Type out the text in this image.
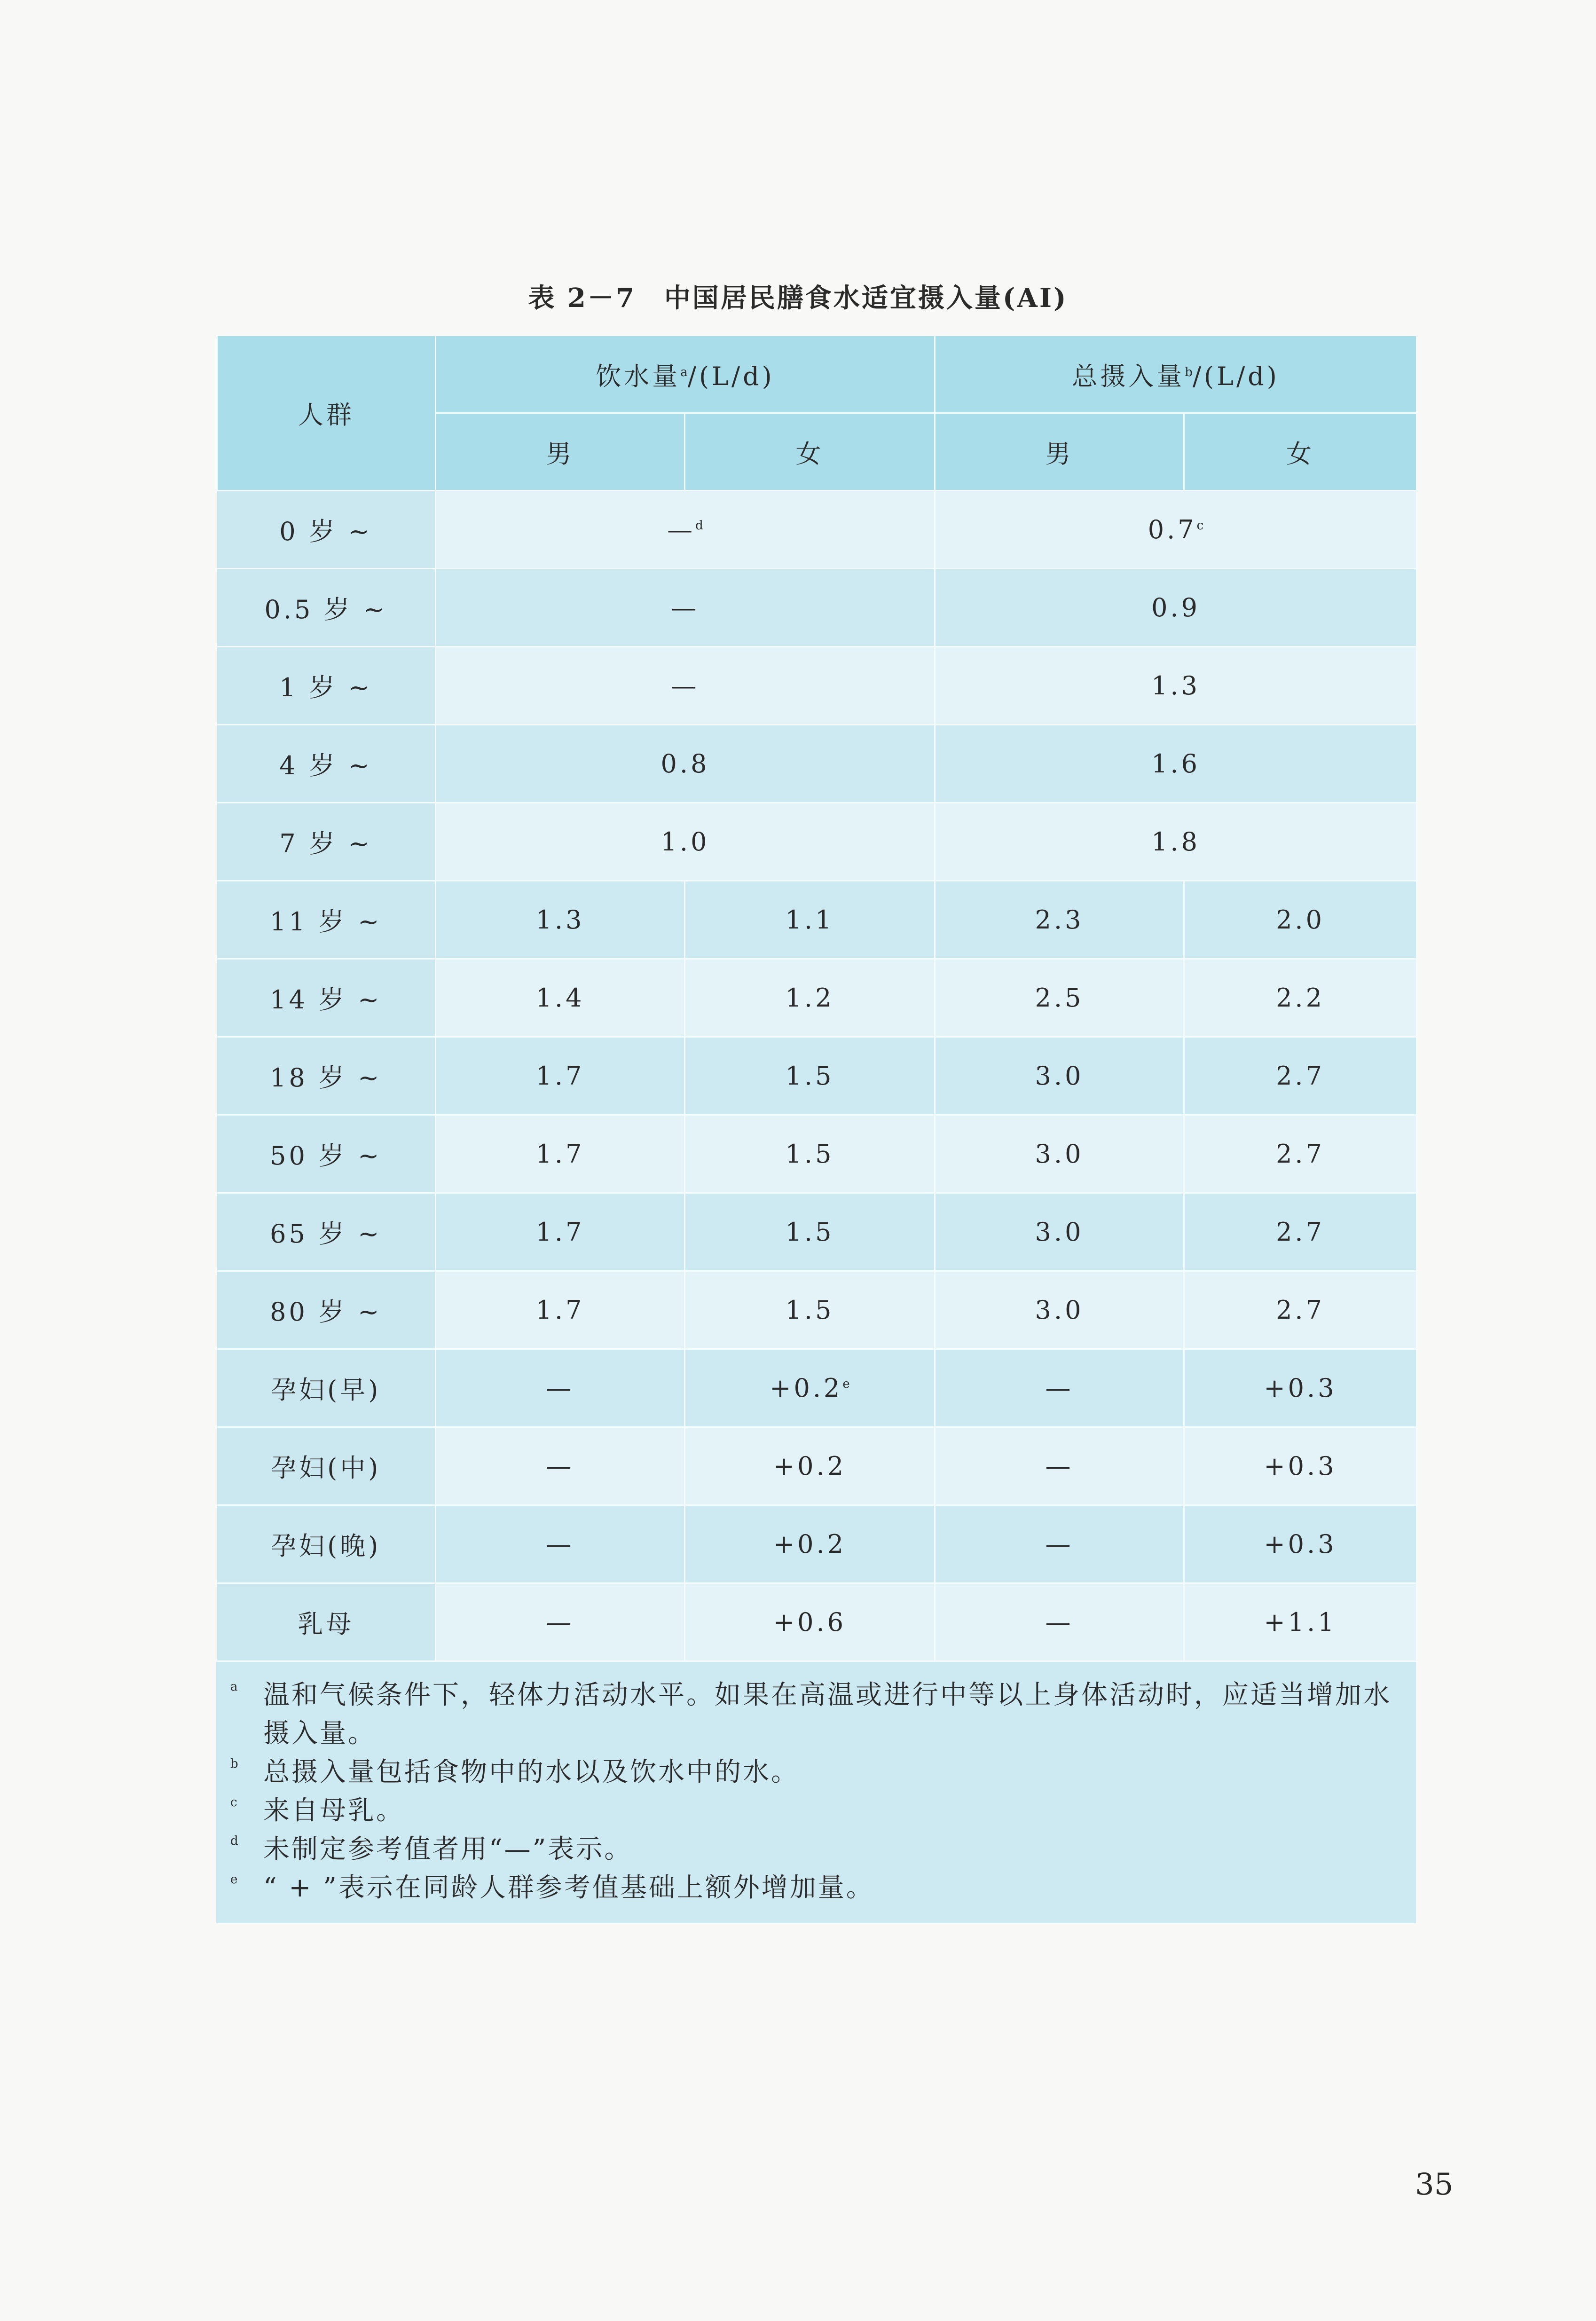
表 2－7　中国居民膳食水适宜摄入量(AI)
人群	饮水量$^a$/(L/d)		总摄入量$^b$/(L/d)	
	男	女	男	女
0 岁 ~	—$^d$		0.7$^c$
0.5 岁 ~	—		0.9	
1 岁 ~	—		1.3	
4 岁 ~	0.8		1.6	
7 岁 ~	1.0		1.8	
11 岁 ~	1.3	1.1	2.3	2.0
14 岁 ~	1.4	1.2	2.5	2.2
18 岁 ~	1.7	1.5	3.0	2.7
50 岁 ~	1.7	1.5	3.0	2.7
65 岁 ~	1.7	1.5	3.0	2.7
80 岁 ~	1.7	1.5	3.0	2.7
孕妇(早)	—	+0.2$^e$	—	+0.3
孕妇(中)	—	+0.2	—	+0.3
孕妇(晚)	—	+0.2	—	+0.3
乳母	—	+0.6	—	+1.1
a 温和气候条件下，轻体力活动水平。如果在高温或进行中等以上身体活动时，应适当增加水摄入量。
b 总摄入量包括食物中的水以及饮水中的水。
c 来自母乳。
d 未制定参考值者用“—”表示。
e “ + ”表示在同龄人群参考值基础上额外增加量。
35
